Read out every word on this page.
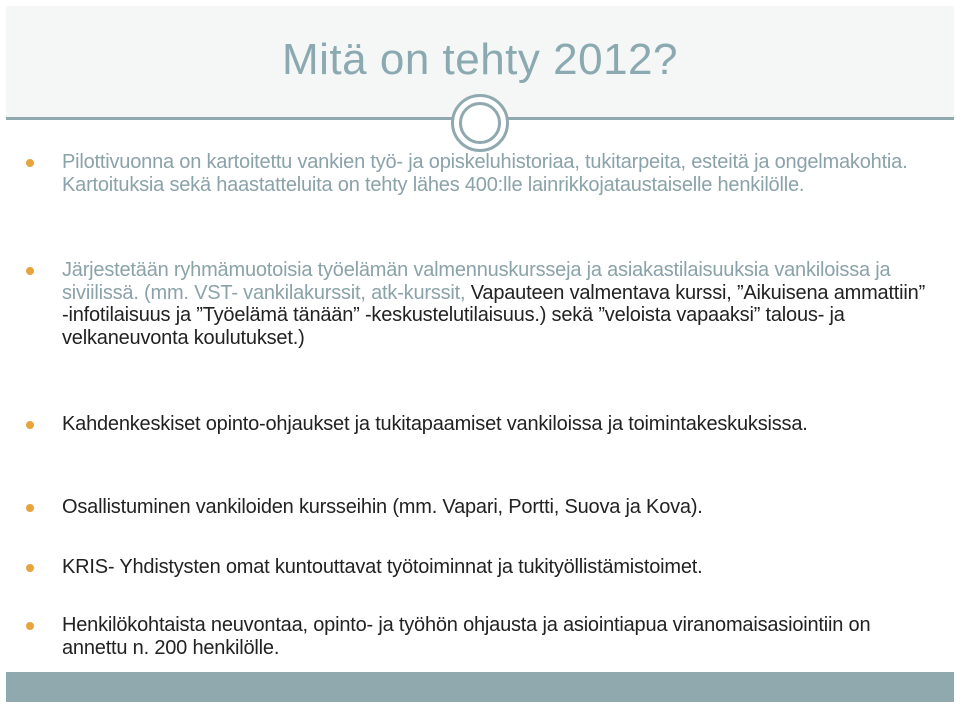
Mitä on tehty 2012?
Pilottivuonna on kartoitettu vankien työ- ja opiskeluhistoriaa, tukitarpeita, esteitä ja ongelmakohtia. Kartoituksia sekä haastatteluita on tehty lähes 400:lle lainrikkojataustaiselle henkilölle.
Järjestetään ryhmämuotoisia työelämän valmennuskursseja ja asiakastilaisuuksia vankiloissa ja siviilissä. (mm. VST- vankilakurssit, atk-kurssit, Vapauteen valmentava kurssi, ”Aikuisena ammattiin” -infotilaisuus ja ”Työelämä tänään” -keskustelutilaisuus.) sekä ”veloista vapaaksi” talous- ja velkaneuvonta koulutukset.)
Kahdenkeskiset opinto-ohjaukset ja tukitapaamiset vankiloissa ja toimintakeskuksissa.
Osallistuminen vankiloiden kursseihin (mm. Vapari, Portti, Suova ja Kova).
KRIS- Yhdistysten omat kuntouttavat työtoiminnat ja tukityöllistämistoimet.
Henkilökohtaista neuvontaa, opinto- ja työhön ohjausta ja asiointiapua viranomaisasiointiin on annettu n. 200 henkilölle.
